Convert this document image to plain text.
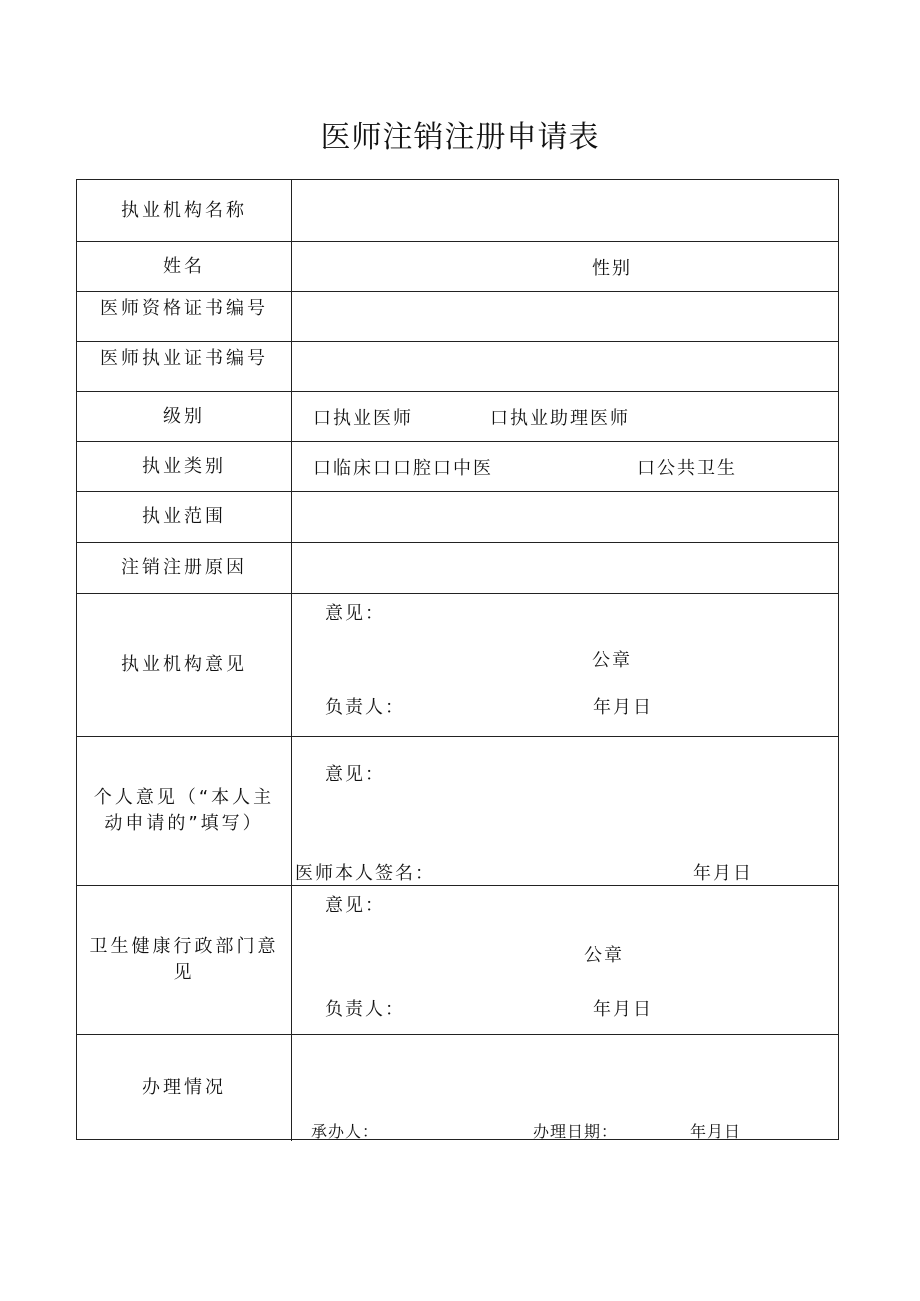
医师注销注册申请表
执业机构名称
姓名	性别
医师资格证书编号
医师执业证书编号
级别	口执业医师	口执业助理医师
执业类别	口临床口口腔口中医	口公共卫生
执业范围
注销注册原因
执业机构意见
意见：
公章
负责人：	年月日
个人意见（“本人主动申请的”填写）
意见：
医师本人签名：	年月日
卫生健康行政部门意见
意见：
公章
负责人：	年月日
办理情况
承办人：	办理日期：	年月日
